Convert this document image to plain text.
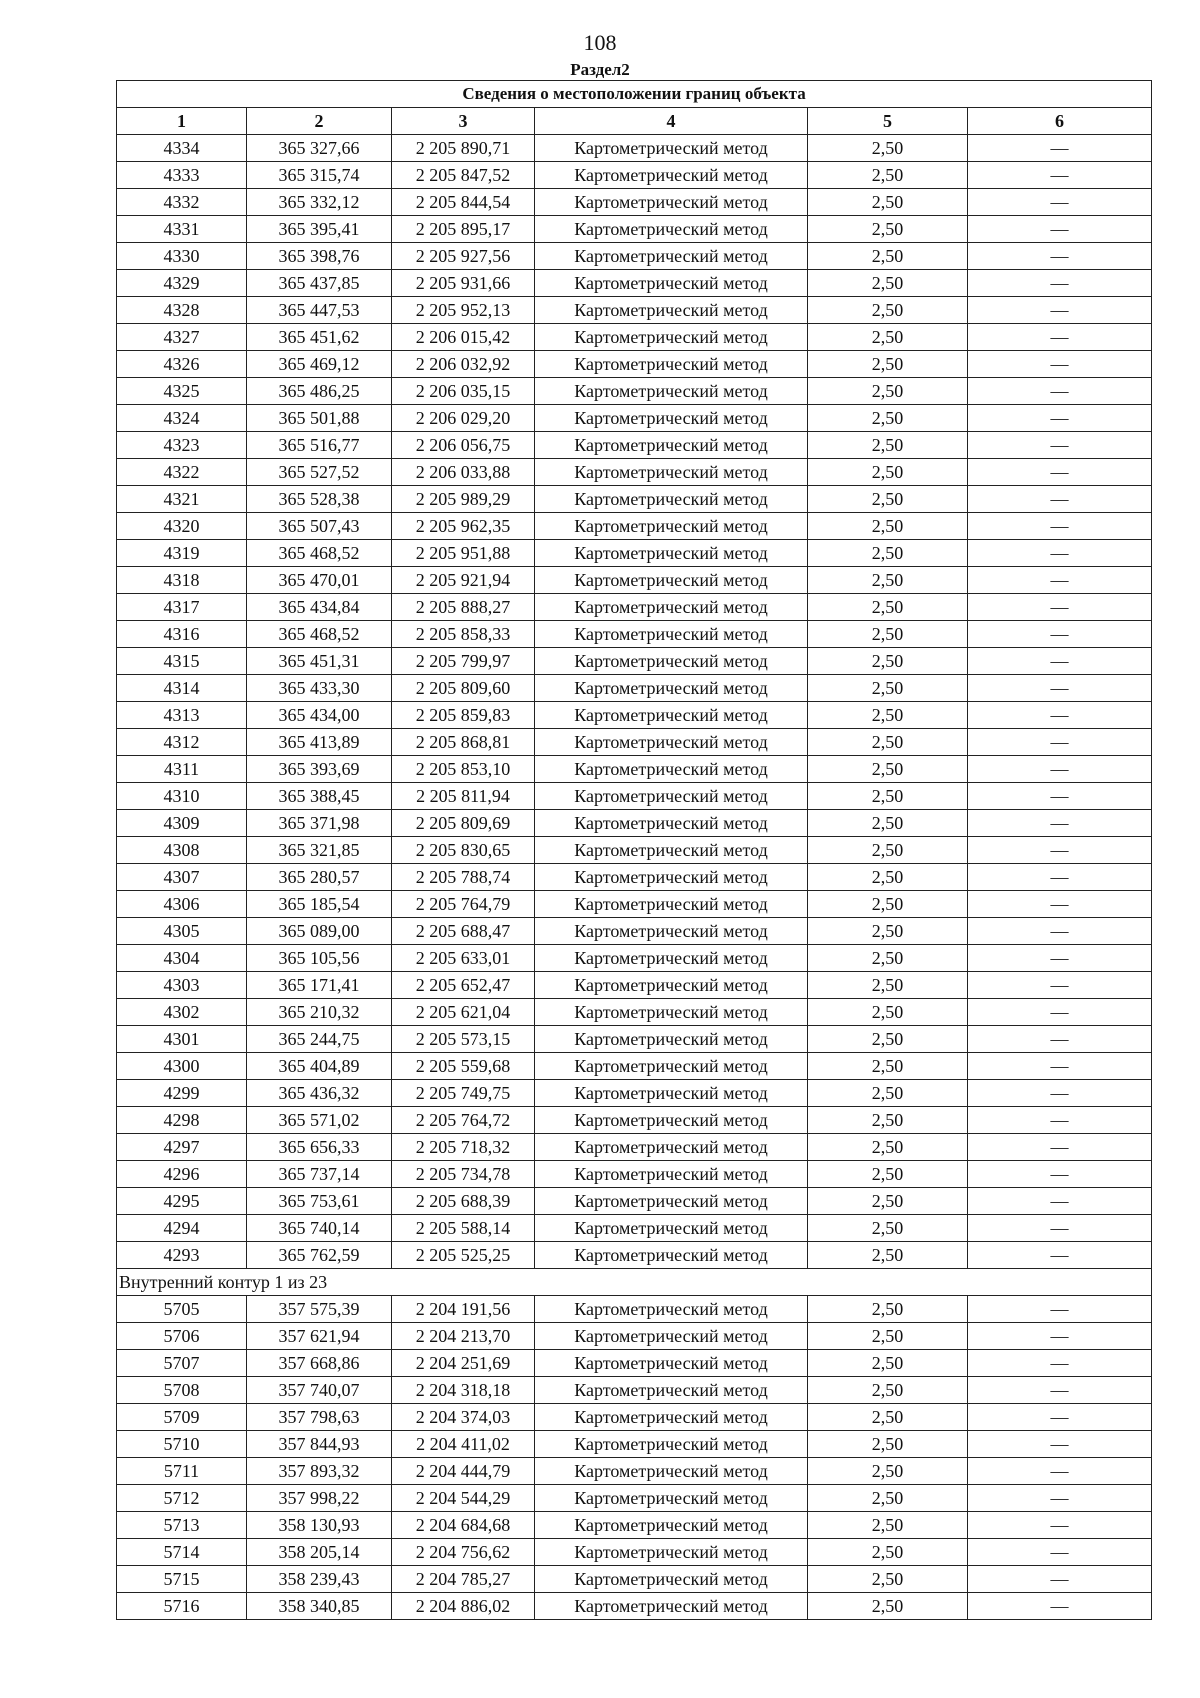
108
Раздел2
Сведения о местоположении границ объекта					
1	2	3	4	5	6
4334	365 327,66	2 205 890,71	Картометрический метод	2,50	—
4333	365 315,74	2 205 847,52	Картометрический метод	2,50	—
4332	365 332,12	2 205 844,54	Картометрический метод	2,50	—
4331	365 395,41	2 205 895,17	Картометрический метод	2,50	—
4330	365 398,76	2 205 927,56	Картометрический метод	2,50	—
4329	365 437,85	2 205 931,66	Картометрический метод	2,50	—
4328	365 447,53	2 205 952,13	Картометрический метод	2,50	—
4327	365 451,62	2 206 015,42	Картометрический метод	2,50	—
4326	365 469,12	2 206 032,92	Картометрический метод	2,50	—
4325	365 486,25	2 206 035,15	Картометрический метод	2,50	—
4324	365 501,88	2 206 029,20	Картометрический метод	2,50	—
4323	365 516,77	2 206 056,75	Картометрический метод	2,50	—
4322	365 527,52	2 206 033,88	Картометрический метод	2,50	—
4321	365 528,38	2 205 989,29	Картометрический метод	2,50	—
4320	365 507,43	2 205 962,35	Картометрический метод	2,50	—
4319	365 468,52	2 205 951,88	Картометрический метод	2,50	—
4318	365 470,01	2 205 921,94	Картометрический метод	2,50	—
4317	365 434,84	2 205 888,27	Картометрический метод	2,50	—
4316	365 468,52	2 205 858,33	Картометрический метод	2,50	—
4315	365 451,31	2 205 799,97	Картометрический метод	2,50	—
4314	365 433,30	2 205 809,60	Картометрический метод	2,50	—
4313	365 434,00	2 205 859,83	Картометрический метод	2,50	—
4312	365 413,89	2 205 868,81	Картометрический метод	2,50	—
4311	365 393,69	2 205 853,10	Картометрический метод	2,50	—
4310	365 388,45	2 205 811,94	Картометрический метод	2,50	—
4309	365 371,98	2 205 809,69	Картометрический метод	2,50	—
4308	365 321,85	2 205 830,65	Картометрический метод	2,50	—
4307	365 280,57	2 205 788,74	Картометрический метод	2,50	—
4306	365 185,54	2 205 764,79	Картометрический метод	2,50	—
4305	365 089,00	2 205 688,47	Картометрический метод	2,50	—
4304	365 105,56	2 205 633,01	Картометрический метод	2,50	—
4303	365 171,41	2 205 652,47	Картометрический метод	2,50	—
4302	365 210,32	2 205 621,04	Картометрический метод	2,50	—
4301	365 244,75	2 205 573,15	Картометрический метод	2,50	—
4300	365 404,89	2 205 559,68	Картометрический метод	2,50	—
4299	365 436,32	2 205 749,75	Картометрический метод	2,50	—
4298	365 571,02	2 205 764,72	Картометрический метод	2,50	—
4297	365 656,33	2 205 718,32	Картометрический метод	2,50	—
4296	365 737,14	2 205 734,78	Картометрический метод	2,50	—
4295	365 753,61	2 205 688,39	Картометрический метод	2,50	—
4294	365 740,14	2 205 588,14	Картометрический метод	2,50	—
4293	365 762,59	2 205 525,25	Картометрический метод	2,50	—
Внутренний контур 1 из 23					
5705	357 575,39	2 204 191,56	Картометрический метод	2,50	—
5706	357 621,94	2 204 213,70	Картометрический метод	2,50	—
5707	357 668,86	2 204 251,69	Картометрический метод	2,50	—
5708	357 740,07	2 204 318,18	Картометрический метод	2,50	—
5709	357 798,63	2 204 374,03	Картометрический метод	2,50	—
5710	357 844,93	2 204 411,02	Картометрический метод	2,50	—
5711	357 893,32	2 204 444,79	Картометрический метод	2,50	—
5712	357 998,22	2 204 544,29	Картометрический метод	2,50	—
5713	358 130,93	2 204 684,68	Картометрический метод	2,50	—
5714	358 205,14	2 204 756,62	Картометрический метод	2,50	—
5715	358 239,43	2 204 785,27	Картометрический метод	2,50	—
5716	358 340,85	2 204 886,02	Картометрический метод	2,50	—
